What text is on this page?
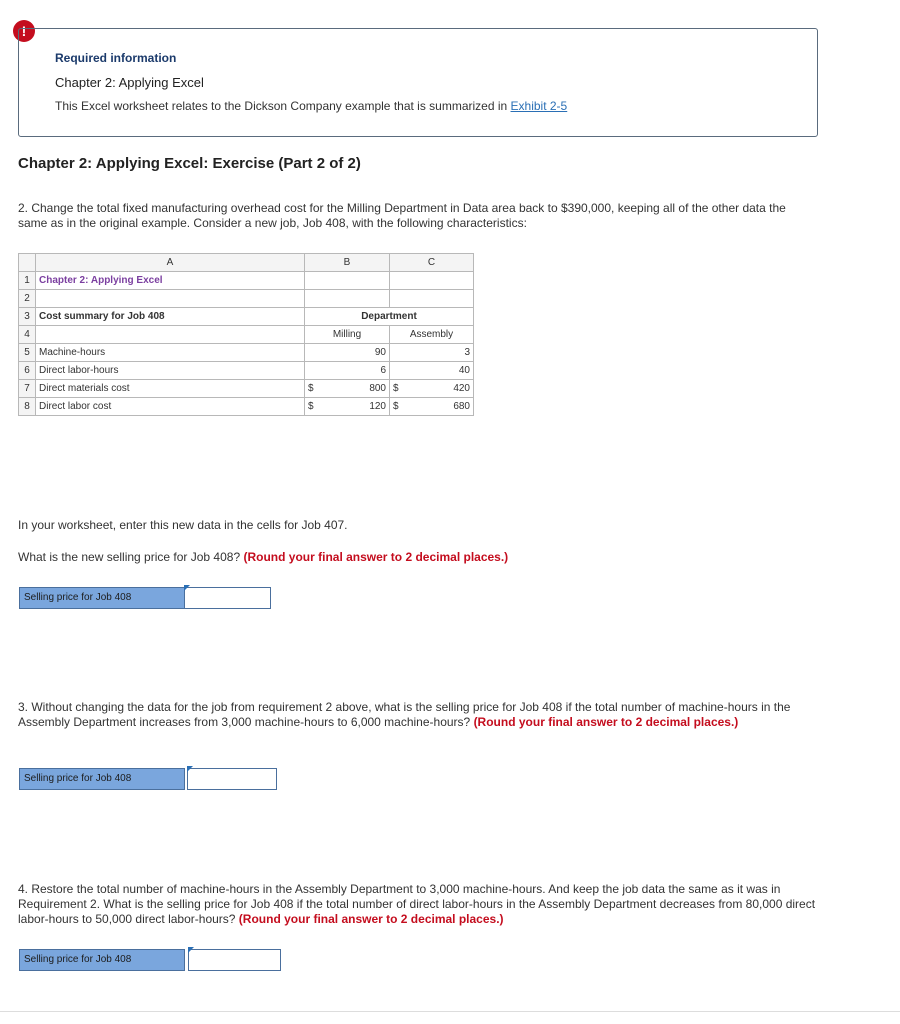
!
Required information
Chapter 2: Applying Excel
This Excel worksheet relates to the Dickson Company example that is summarized in Exhibit 2-5
Chapter 2: Applying Excel: Exercise (Part 2 of 2)
2. Change the total fixed manufacturing overhead cost for the Milling Department in Data area back to $390,000, keeping all of the other data the same as in the original example. Consider a new job, Job 408, with the following characteristics:
	A	B	C
1	Chapter 2: Applying Excel		
2			
3	Cost summary for Job 408	Department	
4		Milling	Assembly
5	Machine-hours	90	3
6	Direct labor-hours	6	40
7	Direct materials cost	$ 800	$ 420

8	Direct labor cost	$ 120	$ 680
In your worksheet, enter this new data in the cells for Job 407.
What is the new selling price for Job 408? (Round your final answer to 2 decimal places.)
Selling price for Job 408
3. Without changing the data for the job from requirement 2 above, what is the selling price for Job 408 if the total number of machine-hours in the Assembly Department increases from 3,000 machine-hours to 6,000 machine-hours? (Round your final answer to 2 decimal places.)
Selling price for Job 408
4. Restore the total number of machine-hours in the Assembly Department to 3,000 machine-hours. And keep the job data the same as it was in Requirement 2. What is the selling price for Job 408 if the total number of direct labor-hours in the Assembly Department decreases from 80,000 direct labor-hours to 50,000 direct labor-hours? (Round your final answer to 2 decimal places.)
Selling price for Job 408
